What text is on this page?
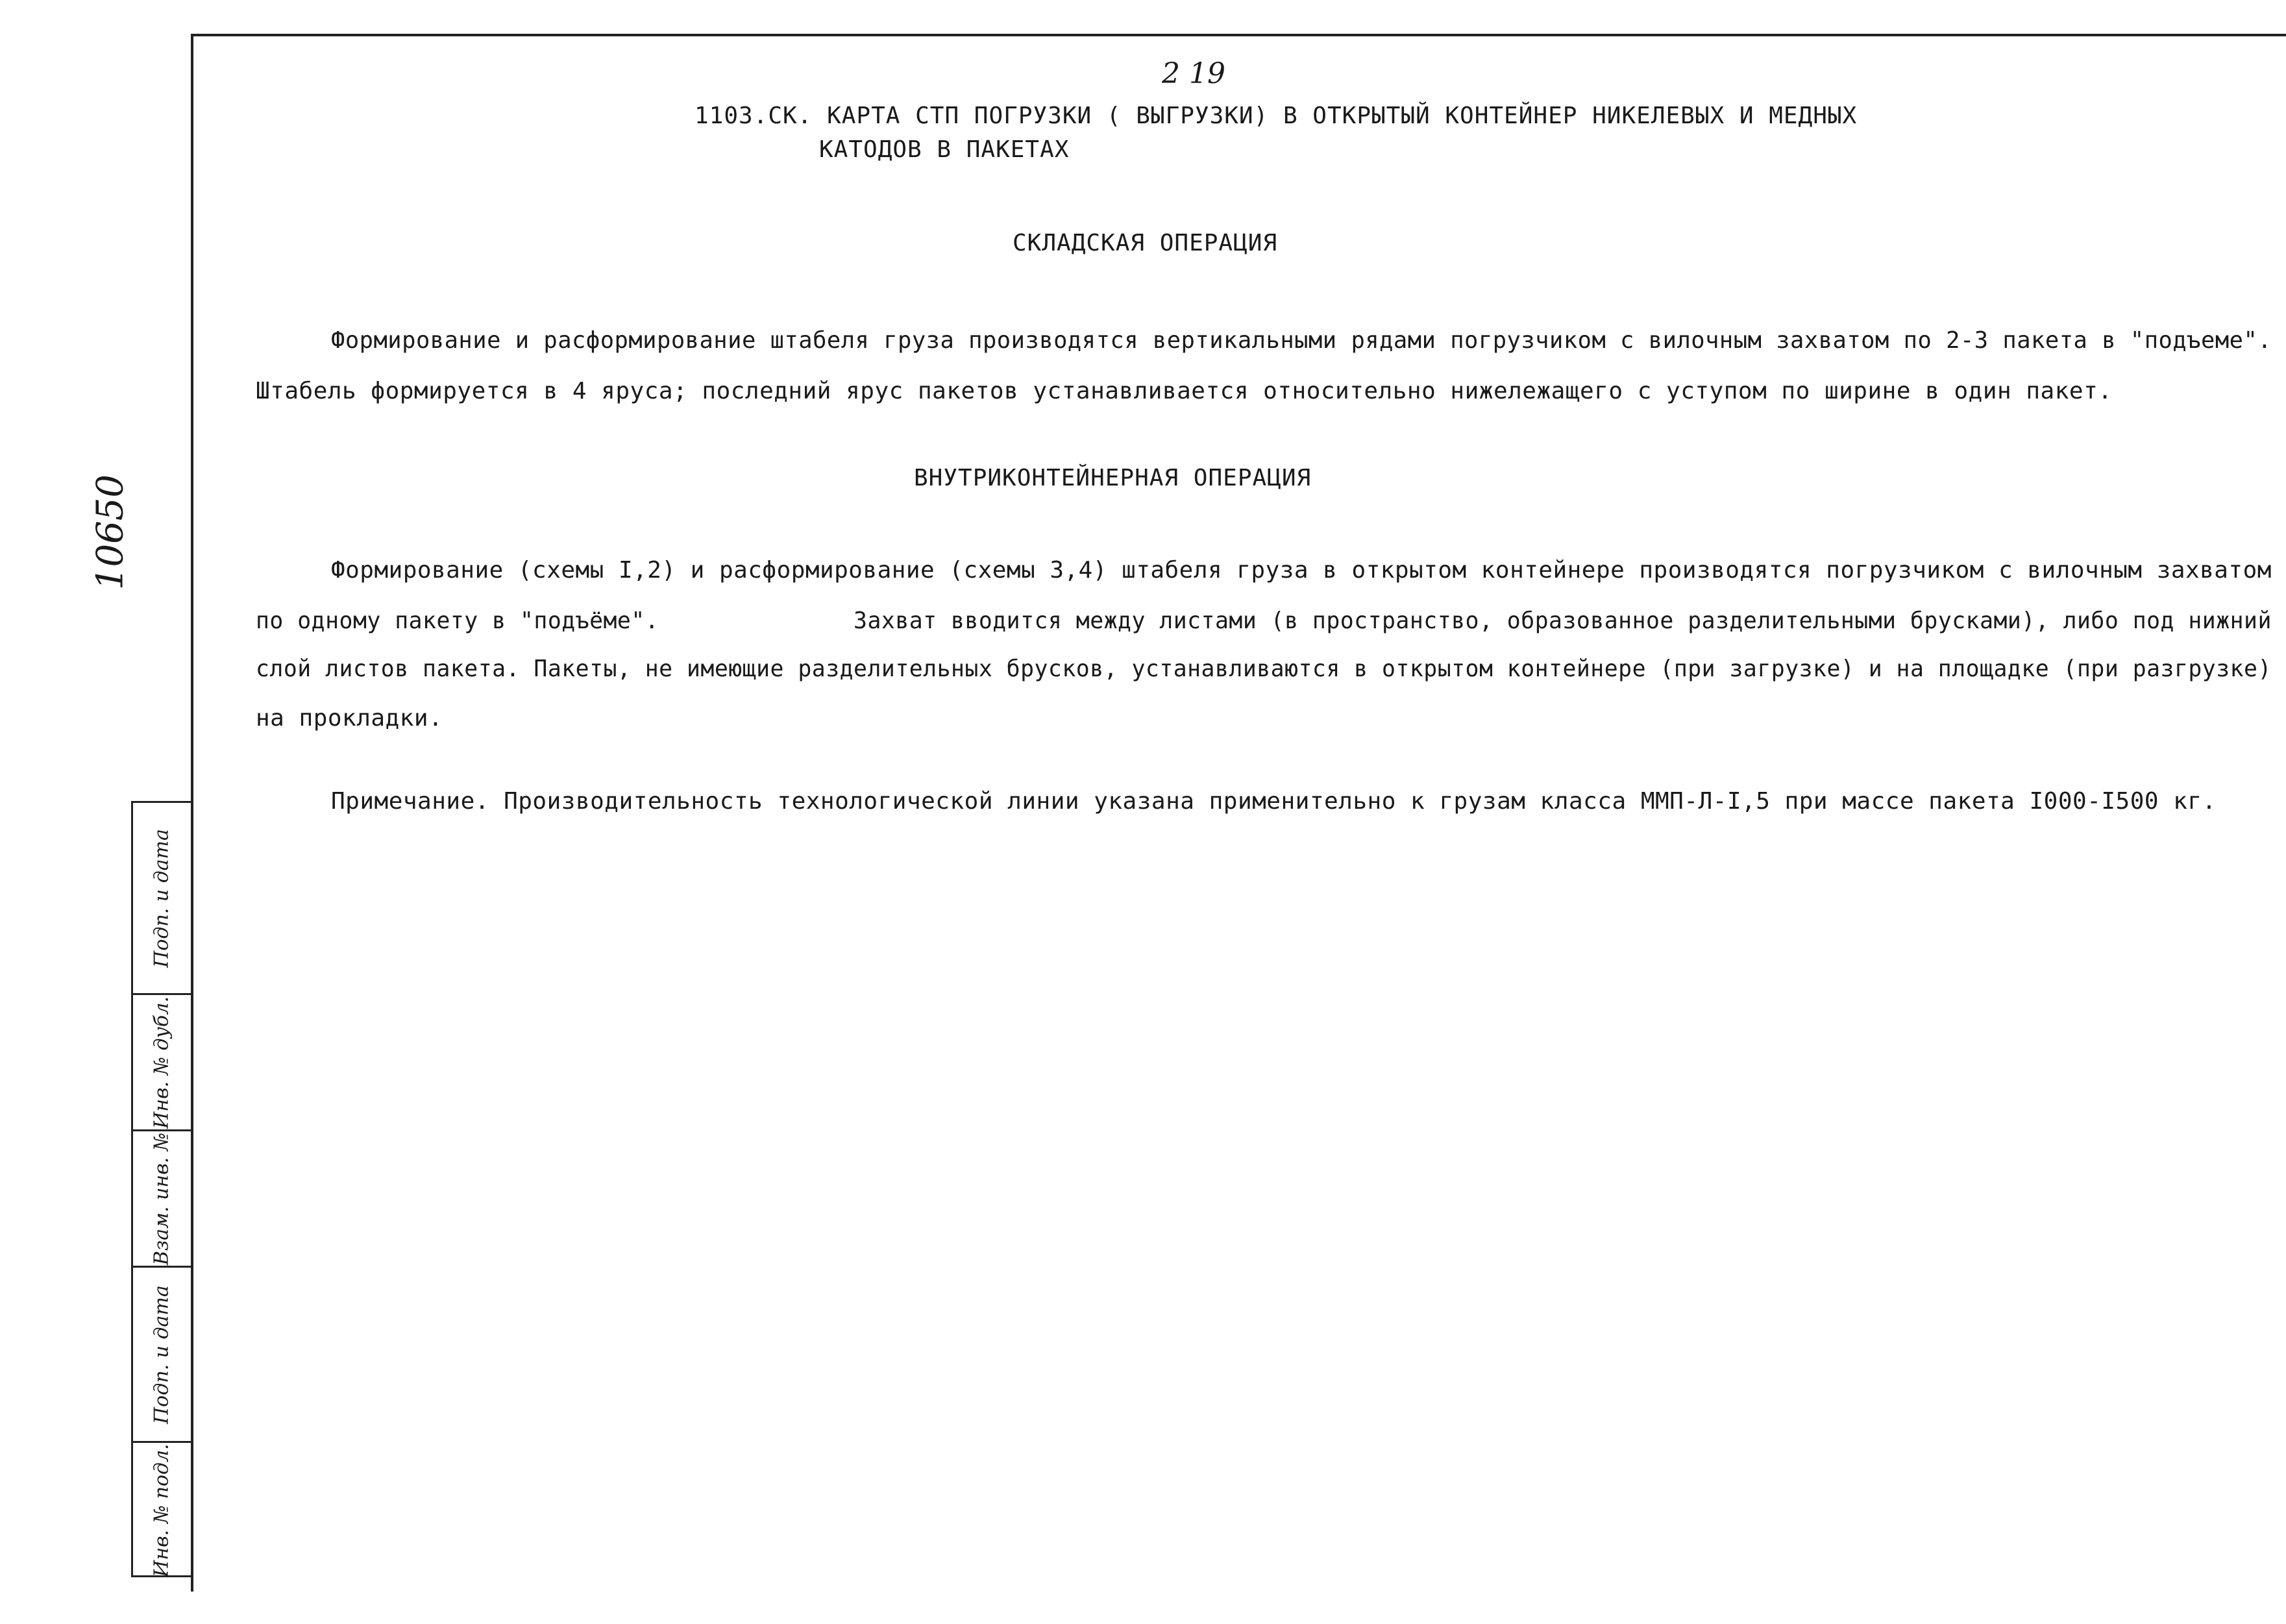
10650
Подп. и дата
Инв. № дубл.
Взам. инв. №
Подп. и дата
Инв. № подл.
2 19
1103.СК. КАРТА СТП ПОГРУЗКИ ( ВЫГРУЗКИ) В ОТКРЫТЫЙ КОНТЕЙНЕР НИКЕЛЕВЫХ И МЕДНЫХ
КАТОДОВ В ПАКЕТАХ
СКЛАДСКАЯ ОПЕРАЦИЯ
Формирование и расформирование штабеля груза производятся вертикальными рядами погрузчиком с вилочным захватом по 2-3 пакета в "подъеме".
Штабель формируется в 4 яруса; последний ярус пакетов устанавливается относительно нижележащего с уступом по ширине в один пакет.
ВНУТРИКОНТЕЙНЕРНАЯ ОПЕРАЦИЯ
Формирование (схемы I,2) и расформирование (схемы 3,4) штабеля груза в открытом контейнере производятся погрузчиком с вилочным захватом
по одному пакету в "подъёме".              Захват вводится между листами (в пространство, образованное разделительными брусками), либо под нижний
слой листов пакета. Пакеты, не имеющие разделительных брусков, устанавливаются в открытом контейнере (при загрузке) и на площадке (при разгрузке)
на прокладки.
Примечание. Производительность технологической линии указана применительно к грузам класса ММП-Л-I,5 при массе пакета I000-I500 кг.
